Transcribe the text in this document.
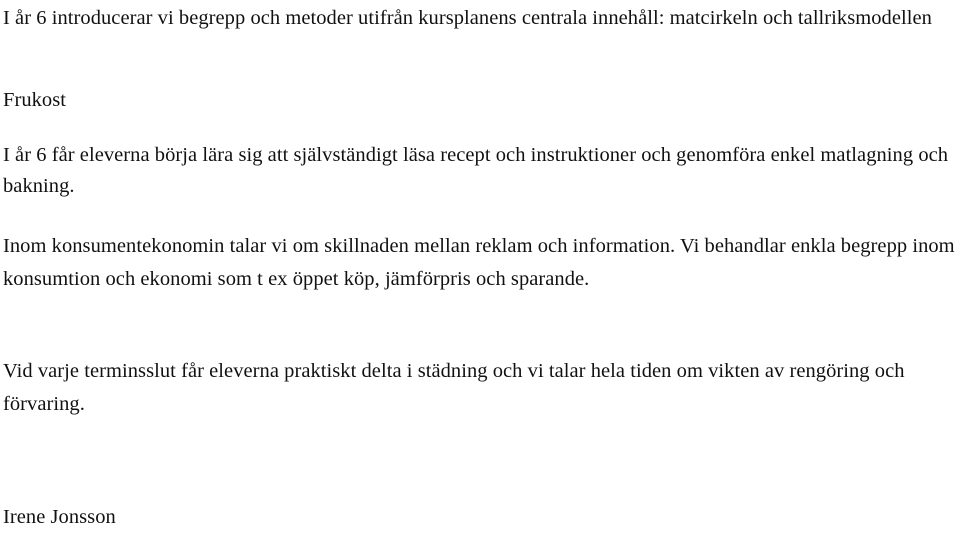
I år 6 introducerar vi begrepp och metoder utifrån kursplanens centrala innehåll: matcirkeln och tallriksmodellen

Frukost

I år 6 får eleverna börja lära sig att självständigt läsa recept och instruktioner och genomföra enkel matlagning och bakning.

Inom konsumentekonomin talar vi om skillnaden mellan reklam och information. Vi behandlar enkla begrepp inom konsumtion och ekonomi som t ex öppet köp, jämförpris och sparande.

Vid varje terminsslut får eleverna praktiskt delta i städning och vi talar hela tiden om vikten av rengöring och förvaring.

Irene Jonsson
